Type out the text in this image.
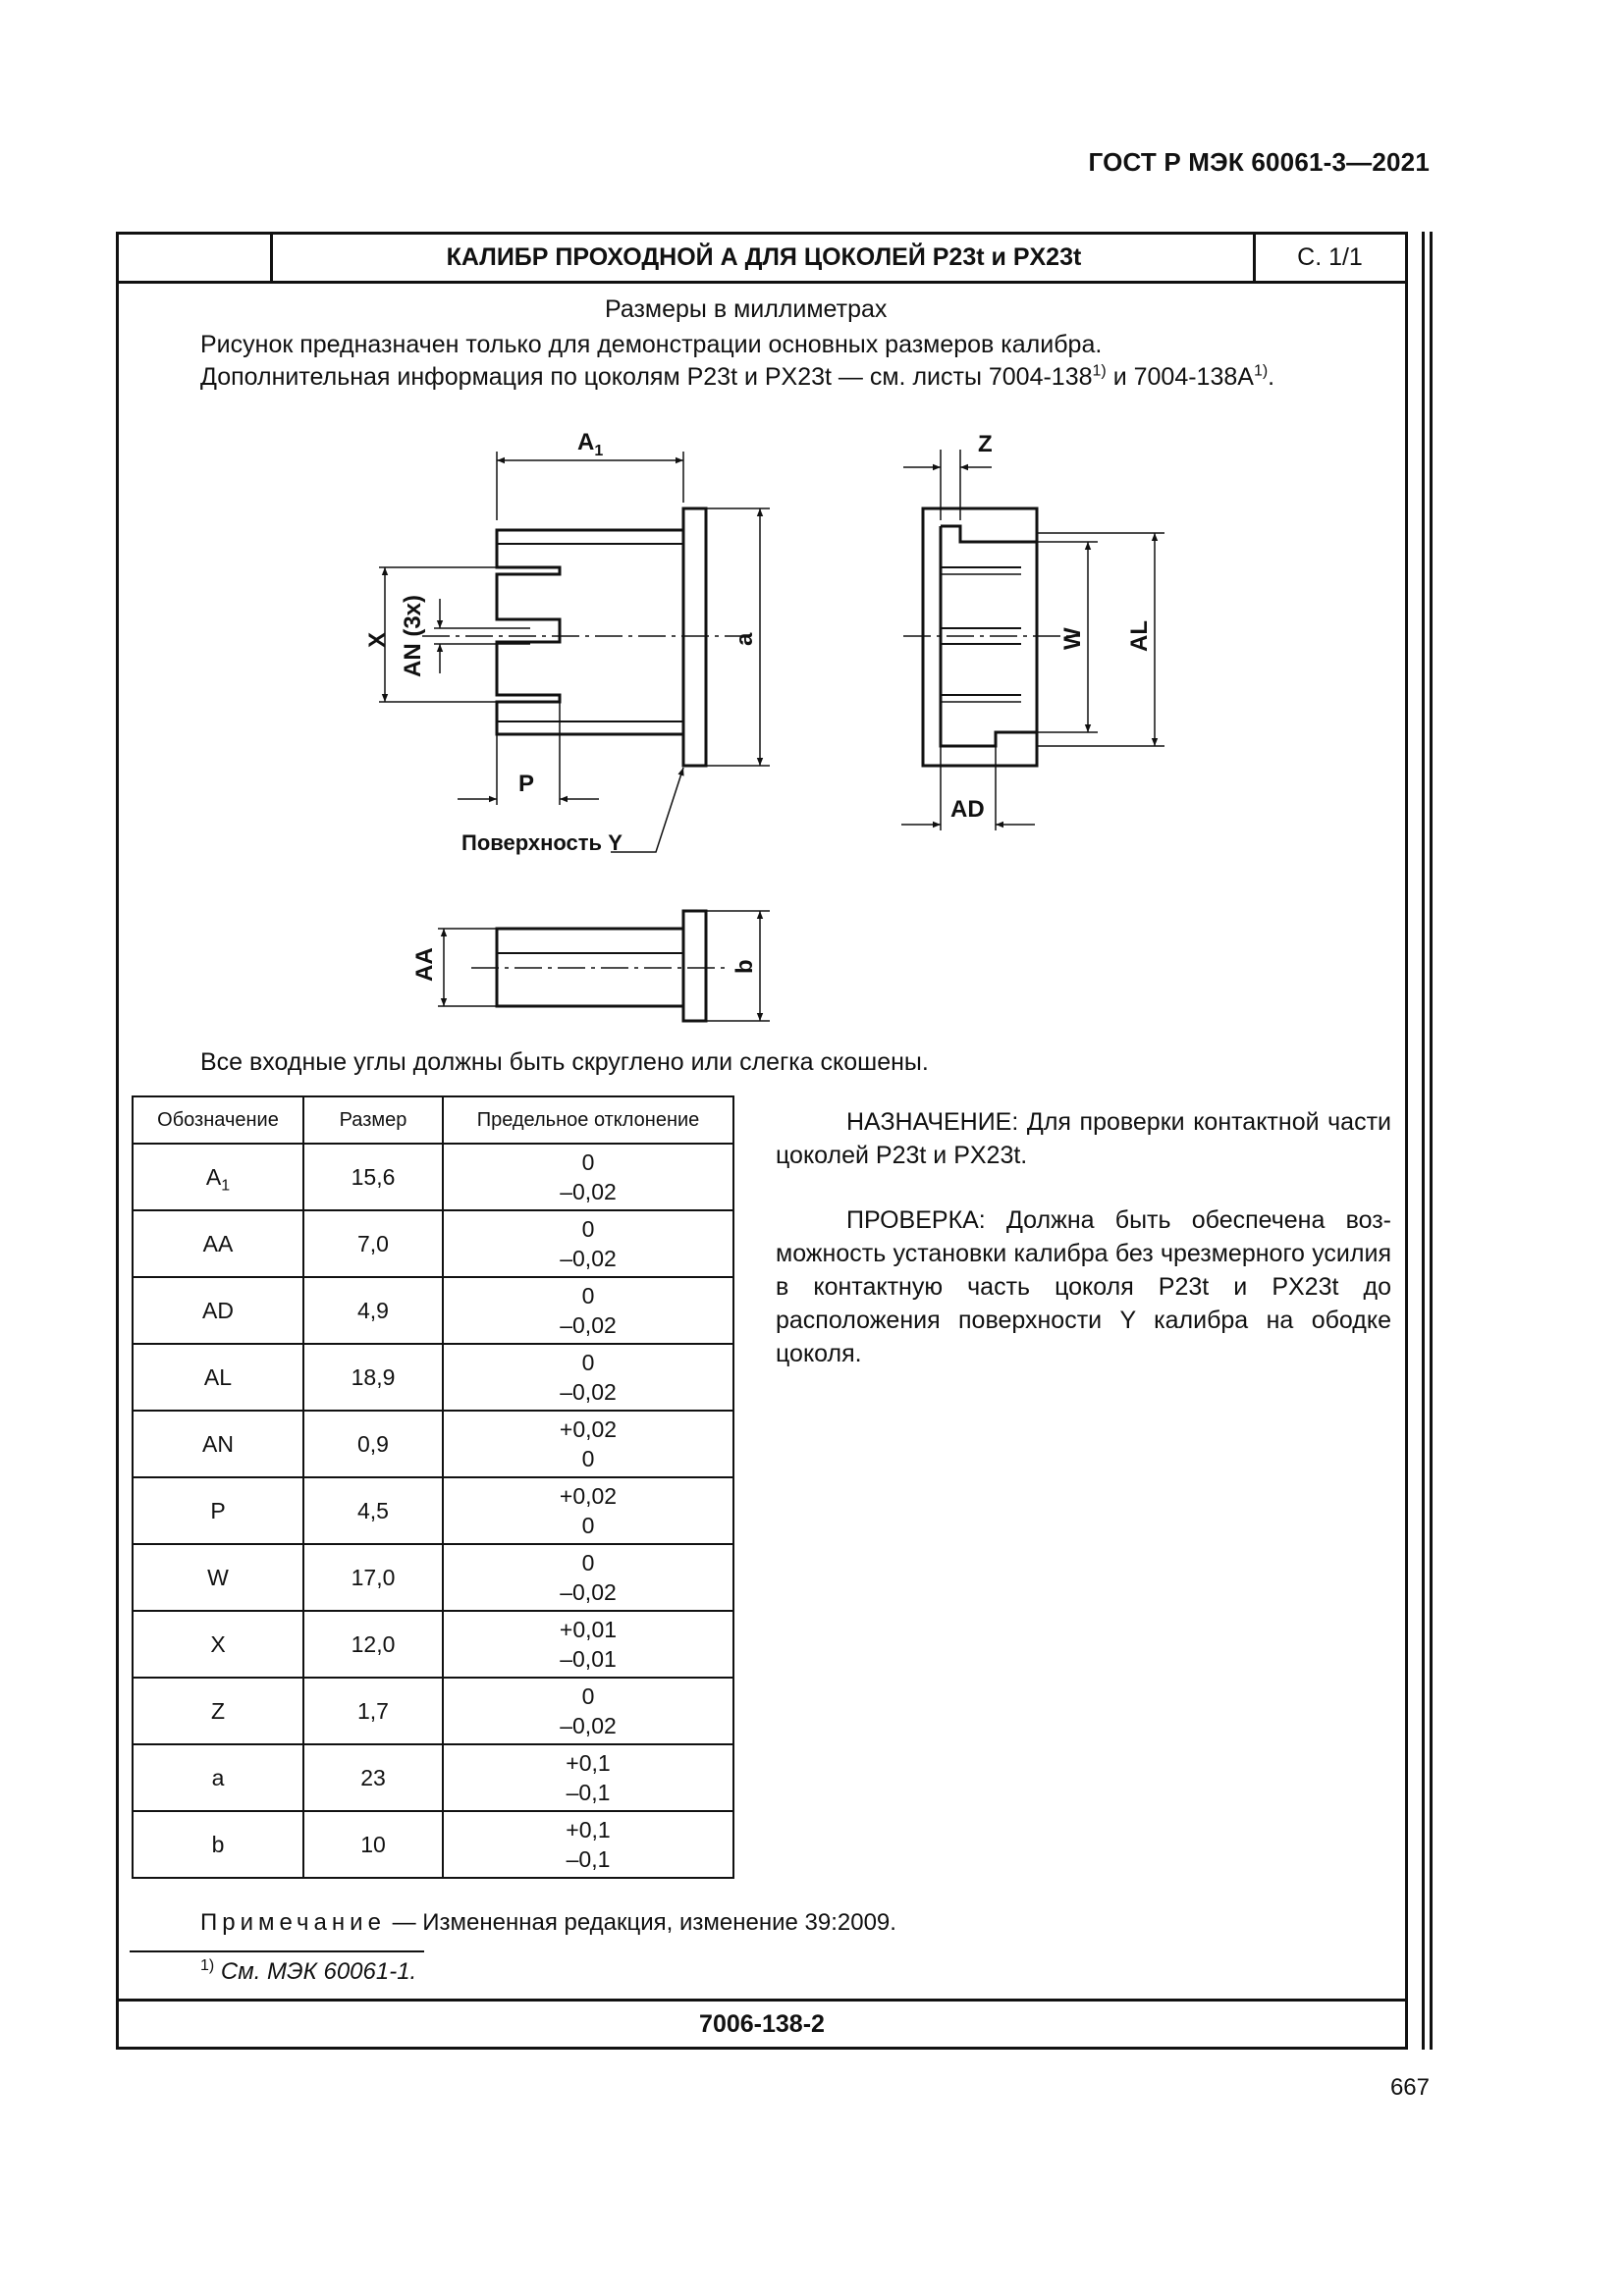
ГОСТ Р МЭК 60061-3—2021
КАЛИБР ПРОХОДНОЙ А ДЛЯ ЦОКОЛЕЙ P23t и PX23t	С. 1/1
Размеры в миллиметрах
Рисунок предназначен только для демонстрации основных размеров калибра.
Дополнительная информация по цоколям P23t и PX23t — см. листы 7004-138$^{1)}$ и $7004-138A^{1)}$.
$A_1$
X AN (3x)	a
P
Поверхность Y
Z
W AL
AD
AA	b
Все входные углы должны быть скруглено или слегка скошены.
Обозначение	Размер	Предельное отклонение
$A_1$	15,6	0
–0,02

AA	7,0	0
–0,02

AD	4,9	0
–0,02

AL	18,9	0
–0,02

AN	0,9	+0,02
0

P	4,5	+0,02
0

W	17,0	0
–0,02

X	12,0	+0,01
–0,01

Z	1,7	0
–0,02

a	23	+0,1
–0,1

b	10	+0,1
–0,1
НАЗНАЧЕНИЕ: Для проверки контактной части цоколей P23t и PX23t.
ПРОВЕРКА: Должна быть обеспечена возможность установки калибра без чрезмерного усилия в контактную часть цоколя P23t и PX23t до расположения поверхности Y калибра на ободке цоколя.
Примечание — Измененная редакция, изменение 39:2009.
$^{1)}$ См. МЭК 60061-1.
7006-138-2
667
